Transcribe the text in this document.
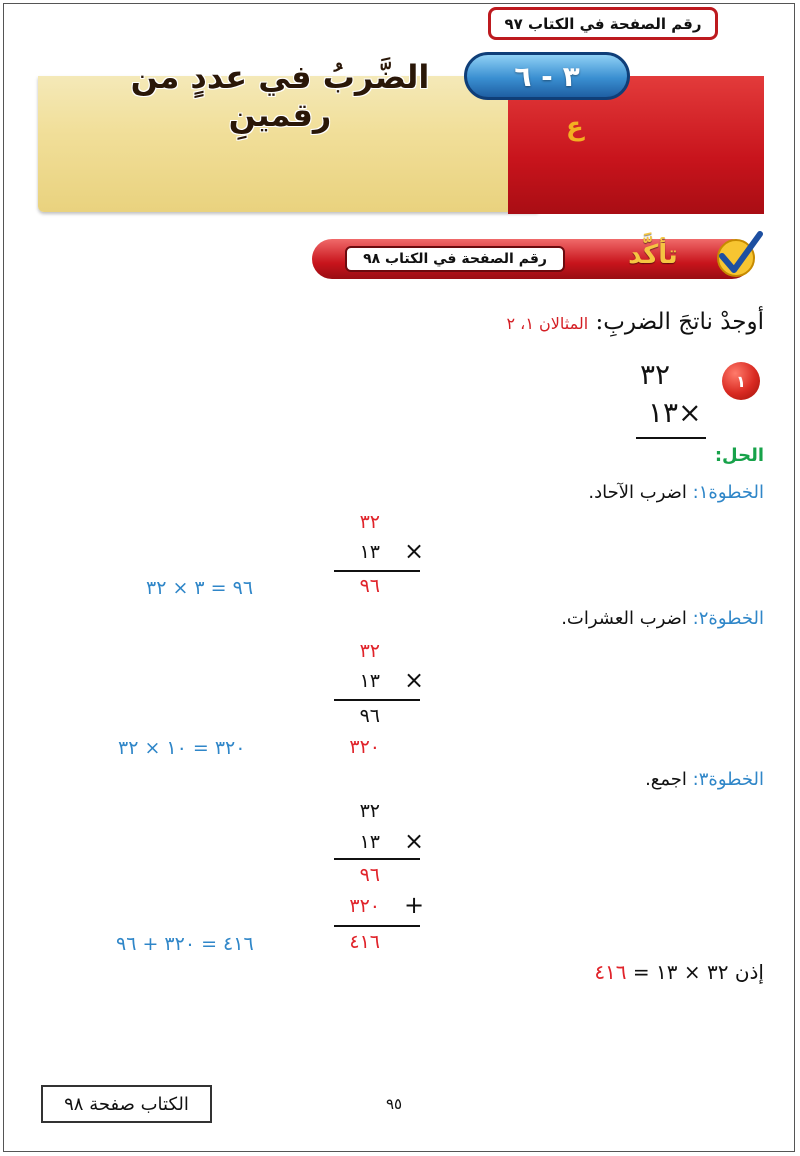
رقم الصفحة في الكتاب ٩٧
٣ - ٦
الضَّربُ في عددٍ من رقمينِ	ع
رقم الصفحة في الكتاب ٩٨	تأكَّد
أوجدْ ناتجَ الضربِ: المثالان ١، ٢
١
٣٢
١٣×
الحل:
الخطوة١: اضرب الآحاد.
٣٢
١٣ ×
٩٦
٩٦ = ٣ × ٣٢
الخطوة٢: اضرب العشرات.
٣٢
١٣ ×
٩٦
٣٢٠
٣٢٠ = ١٠ × ٣٢
الخطوة٣: اجمع.
٣٢
١٣ ×
٩٦
٣٢٠ +
٤١٦
٤١٦ = ٣٢٠ + ٩٦
إذن ٣٢ × ١٣ = ٤١٦
الكتاب صفحة ٩٨	٩٥
